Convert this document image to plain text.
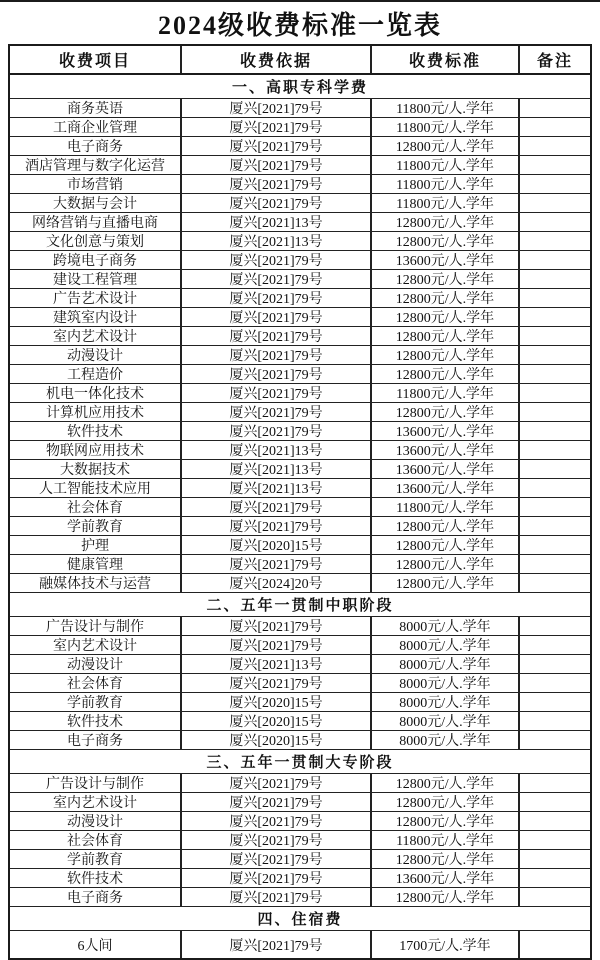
2024级收费标准一览表
收费项目	收费依据	收费标准	备注
一、高职专科学费
商务英语	厦兴[2021]79号	11800元/人.学年
工商企业管理	厦兴[2021]79号	11800元/人.学年
电子商务	厦兴[2021]79号	12800元/人.学年
酒店管理与数字化运营	厦兴[2021]79号	11800元/人.学年
市场营销	厦兴[2021]79号	11800元/人.学年
大数据与会计	厦兴[2021]79号	11800元/人.学年
网络营销与直播电商	厦兴[2021]13号	12800元/人.学年
文化创意与策划	厦兴[2021]13号	12800元/人.学年
跨境电子商务	厦兴[2021]79号	13600元/人.学年
建设工程管理	厦兴[2021]79号	12800元/人.学年
广告艺术设计	厦兴[2021]79号	12800元/人.学年
建筑室内设计	厦兴[2021]79号	12800元/人.学年
室内艺术设计	厦兴[2021]79号	12800元/人.学年
动漫设计	厦兴[2021]79号	12800元/人.学年
工程造价	厦兴[2021]79号	12800元/人.学年
机电一体化技术	厦兴[2021]79号	11800元/人.学年
计算机应用技术	厦兴[2021]79号	12800元/人.学年
软件技术	厦兴[2021]79号	13600元/人.学年
物联网应用技术	厦兴[2021]13号	13600元/人.学年
大数据技术	厦兴[2021]13号	13600元/人.学年
人工智能技术应用	厦兴[2021]13号	13600元/人.学年
社会体育	厦兴[2021]79号	11800元/人.学年
学前教育	厦兴[2021]79号	12800元/人.学年
护理	厦兴[2020]15号	12800元/人.学年
健康管理	厦兴[2021]79号	12800元/人.学年
融媒体技术与运营	厦兴[2024]20号	12800元/人.学年
二、五年一贯制中职阶段
广告设计与制作	厦兴[2021]79号	8000元/人.学年
室内艺术设计	厦兴[2021]79号	8000元/人.学年
动漫设计	厦兴[2021]13号	8000元/人.学年
社会体育	厦兴[2021]79号	8000元/人.学年
学前教育	厦兴[2020]15号	8000元/人.学年
软件技术	厦兴[2020]15号	8000元/人.学年
电子商务	厦兴[2020]15号	8000元/人.学年
三、五年一贯制大专阶段
广告设计与制作	厦兴[2021]79号	12800元/人.学年
室内艺术设计	厦兴[2021]79号	12800元/人.学年
动漫设计	厦兴[2021]79号	12800元/人.学年
社会体育	厦兴[2021]79号	11800元/人.学年
学前教育	厦兴[2021]79号	12800元/人.学年
软件技术	厦兴[2021]79号	13600元/人.学年
电子商务	厦兴[2021]79号	12800元/人.学年
四、住宿费
6人间	厦兴[2021]79号	1700元/人.学年
